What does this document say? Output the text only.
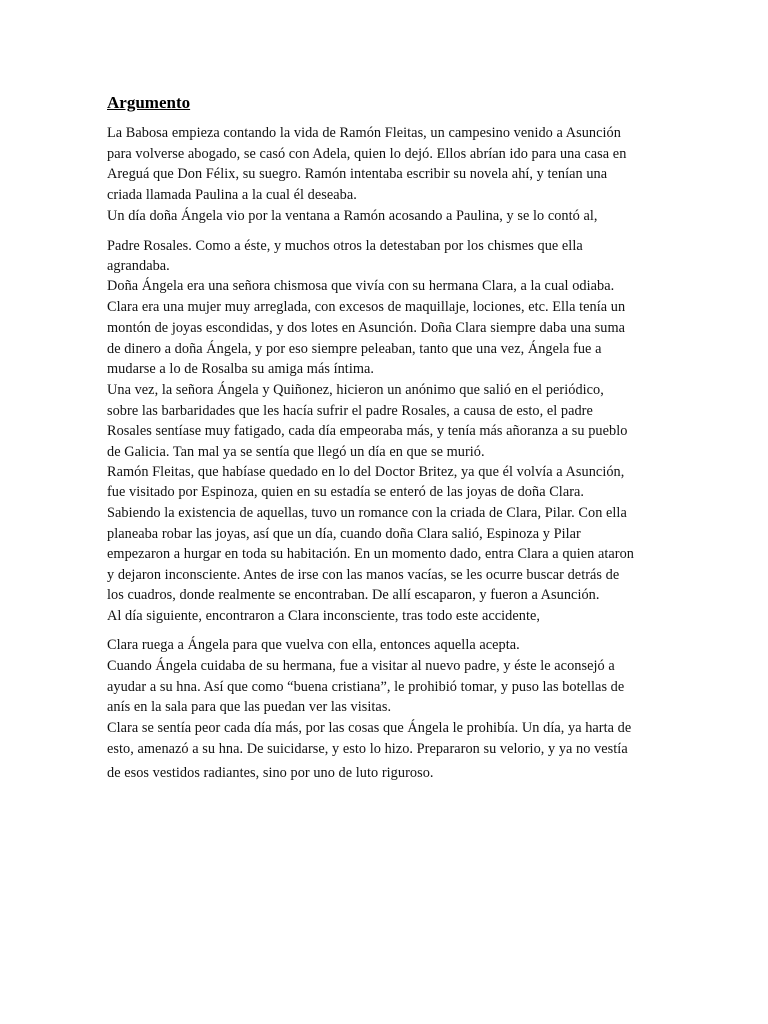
Argumento
La Babosa empieza contando la vida de Ramón Fleitas, un campesino venido a Asunción
para volverse abogado, se casó con Adela, quien lo dejó. Ellos abrían ido para una casa en
Areguá que Don Félix, su suegro. Ramón intentaba escribir su novela ahí, y tenían una
criada llamada Paulina a la cual él deseaba.
Un día doña Ángela vio por la ventana a Ramón acosando a Paulina, y se lo contó al,
Padre Rosales. Como a éste, y muchos otros la detestaban por los chismes que ella
agrandaba.
Doña Ángela era una señora chismosa que vivía con su hermana Clara, a la cual odiaba.
Clara era una mujer muy arreglada, con excesos de maquillaje, lociones, etc. Ella tenía un
montón de joyas escondidas, y dos lotes en Asunción. Doña Clara siempre daba una suma
de dinero a doña Ángela, y por eso siempre peleaban, tanto que una vez, Ángela fue a
mudarse a lo de Rosalba su amiga más íntima.
Una vez, la señora Ángela y Quiñonez, hicieron un anónimo que salió en el periódico,
sobre las barbaridades que les hacía sufrir el padre Rosales, a causa de esto, el padre
Rosales sentíase muy fatigado, cada día empeoraba más, y tenía más añoranza a su pueblo
de Galicia. Tan mal ya se sentía que llegó un día en que se murió.
Ramón Fleitas, que habíase quedado en lo del Doctor Britez, ya que él volvía a Asunción,
fue visitado por Espinoza, quien en su estadía se enteró de las joyas de doña Clara.
Sabiendo la existencia de aquellas, tuvo un romance con la criada de Clara, Pilar. Con ella
planeaba robar las joyas, así que un día, cuando doña Clara salió, Espinoza y Pilar
empezaron a hurgar en toda su habitación. En un momento dado, entra Clara a quien ataron
y dejaron inconsciente. Antes de irse con las manos vacías, se les ocurre buscar detrás de
los cuadros, donde realmente se encontraban. De allí escaparon, y fueron a Asunción.
Al día siguiente, encontraron a Clara inconsciente, tras todo este accidente,
Clara ruega a Ángela para que vuelva con ella, entonces aquella acepta.
Cuando Ángela cuidaba de su hermana, fue a visitar al nuevo padre, y éste le aconsejó a
ayudar a su hna. Así que como “buena cristiana”, le prohibió tomar, y puso las botellas de
anís en la sala para que las puedan ver las visitas.
Clara se sentía peor cada día más, por las cosas que Ángela le prohibía. Un día, ya harta de
esto, amenazó a su hna. De suicidarse, y esto lo hizo. Prepararon su velorio, y ya no vestía
de esos vestidos radiantes, sino por uno de luto riguroso.
